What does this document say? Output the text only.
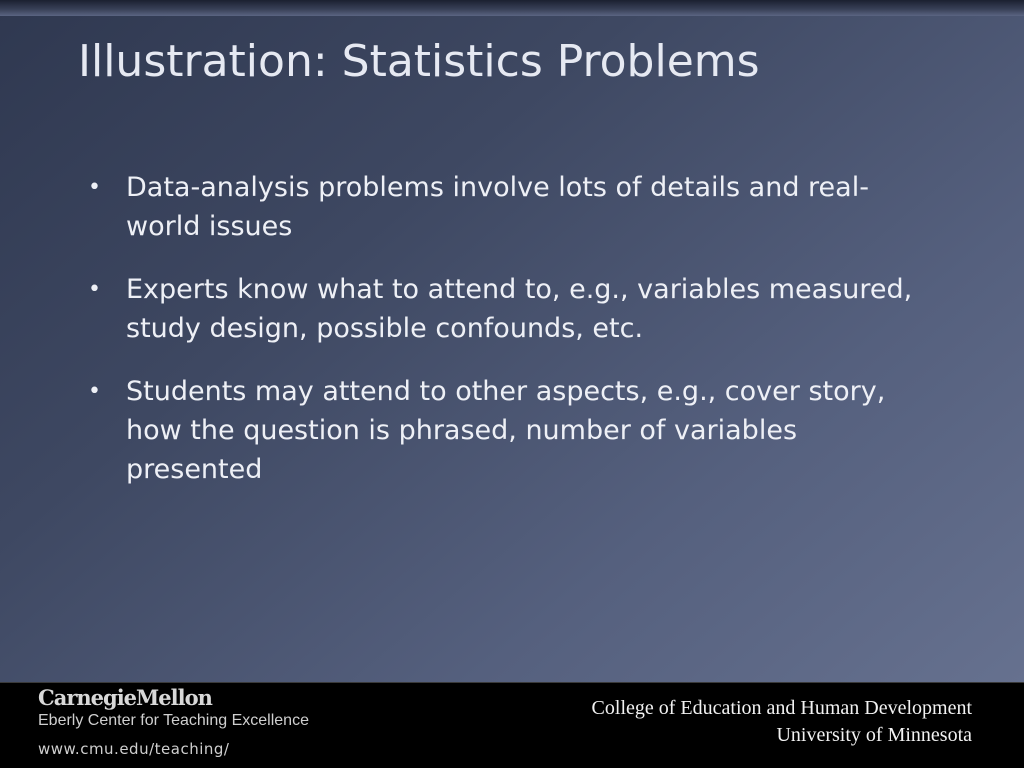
Illustration: Statistics Problems
• Data-analysis problems involve lots of details and real-world issues
• Experts know what to attend to, e.g., variables measured, study design, possible confounds, etc.
• Students may attend to other aspects, e.g., cover story, how the question is phrased, number of variables presented
CarnegieMellon
Eberly Center for Teaching Excellence
www.cmu.edu/teaching/
College of Education and Human Development
University of Minnesota
